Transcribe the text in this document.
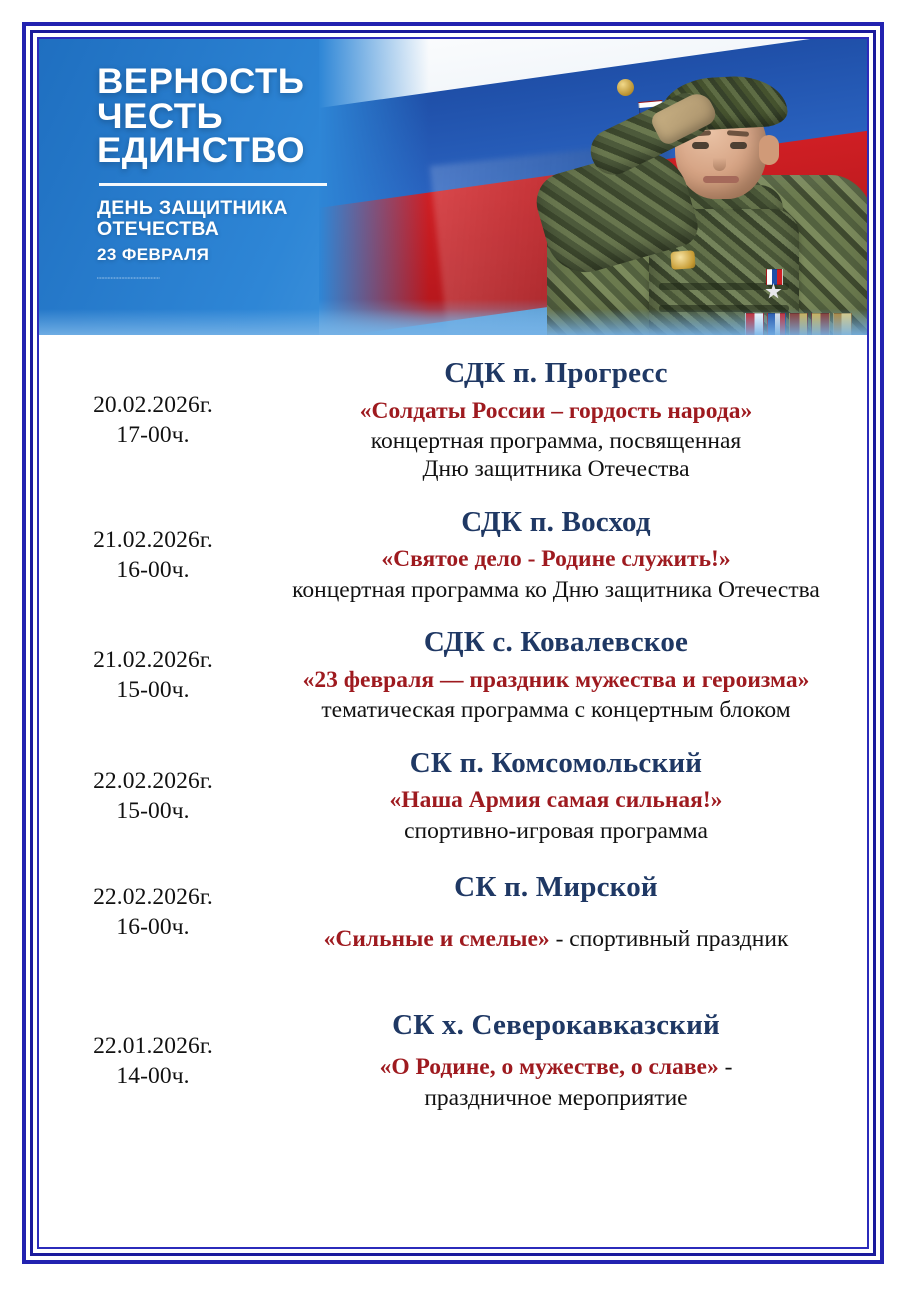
ВЕРНОСТЬ
ЧЕСТЬ
ЕДИНСТВО
ДЕНЬ ЗАЩИТНИКА
ОТЕЧЕСТВА
23 ФЕВРАЛЯ
•••••••••••••••••••••••••••••••••••••••••
20.02.2026г.
17-00ч.
СДК п. Прогресс
«Солдаты России – гордость народа»
концертная программа, посвященная
Дню защитника Отечества
21.02.2026г.
16-00ч.
СДК п. Восход
«Святое дело - Родине служить!»
концертная программа ко Дню защитника Отечества
21.02.2026г.
15-00ч.
СДК с. Ковалевское
«23 февраля — праздник мужества и героизма»
тематическая программа с концертным блоком
22.02.2026г.
15-00ч.
СК п. Комсомольский
«Наша Армия самая сильная!»
спортивно-игровая программа
22.02.2026г.
16-00ч.
СК п. Мирской
«Сильные и смелые» - спортивный праздник
22.01.2026г.
14-00ч.
СК х. Северокавказский
«О Родине, о мужестве, о славе» -
праздничное мероприятие
